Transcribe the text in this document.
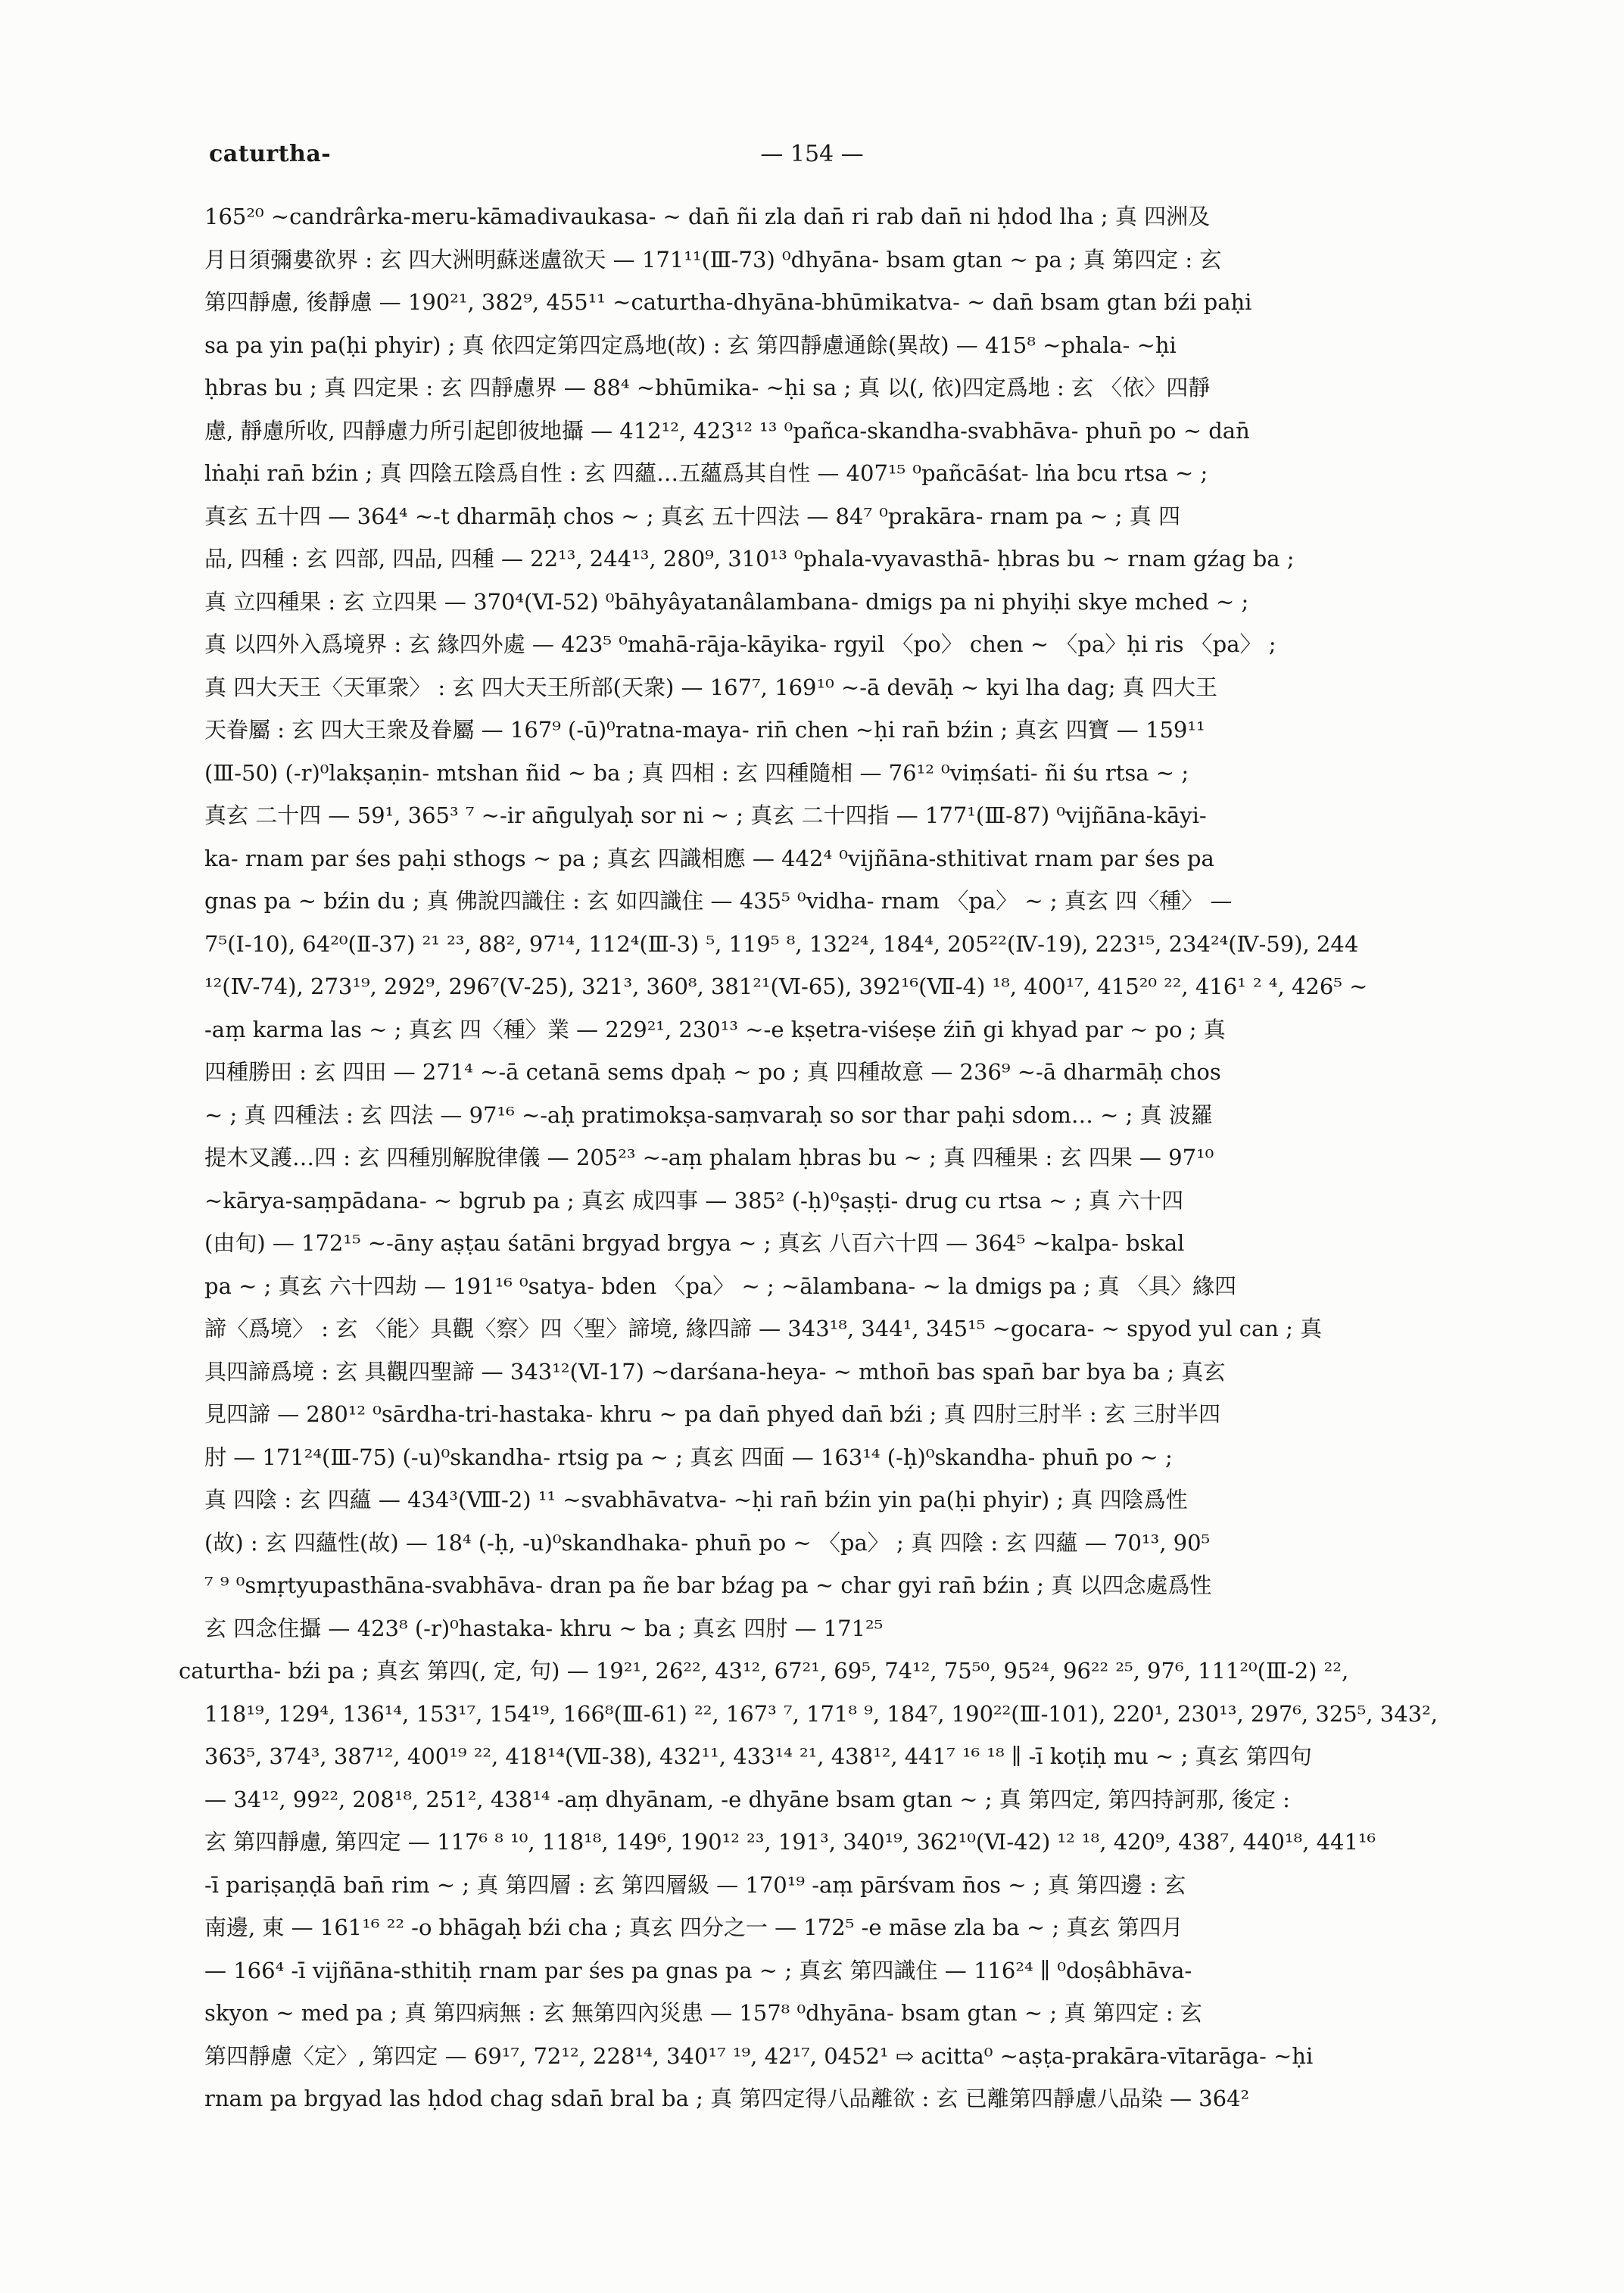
caturtha-	— 154 —
165²⁰ ~candrârka-meru-kāmadivaukasa- ~ dan̄ ñi zla dan̄ ri rab dan̄ ni ḥdod lha ; 真 四洲及
月日須彌婁欲界 : 玄 四大洲明蘇迷盧欲天 — 171¹¹(Ⅲ-73) ⁰dhyāna- bsam gtan ~ pa ; 真 第四定 : 玄
第四靜慮, 後靜慮 — 190²¹, 382⁹, 455¹¹ ~caturtha-dhyāna-bhūmikatva- ~ dan̄ bsam gtan bźi paḥi
sa pa yin pa(ḥi phyir) ; 真 依四定第四定爲地(故) : 玄 第四靜慮通餘(異故) — 415⁸ ~phala- ~ḥi
ḥbras bu ; 真 四定果 : 玄 四靜慮界 — 88⁴ ~bhūmika- ~ḥi sa ; 真 以(, 依)四定爲地 : 玄 〈依〉四靜
慮, 靜慮所收, 四靜慮力所引起卽彼地攝 — 412¹², 423¹² ¹³ ⁰pañca-skandha-svabhāva- phun̄ po ~ dan̄
lṅaḥi ran̄ bźin ; 真 四陰五陰爲自性 : 玄 四蘊…五蘊爲其自性 — 407¹⁵ ⁰pañcāśat- lṅa bcu rtsa ~ ;
真玄 五十四 — 364⁴ ~-t dharmāḥ chos ~ ; 真玄 五十四法 — 84⁷ ⁰prakāra- rnam pa ~ ; 真 四
品, 四種 : 玄 四部, 四品, 四種 — 22¹³, 244¹³, 280⁹, 310¹³ ⁰phala-vyavasthā- ḥbras bu ~ rnam gźag ba ;
真 立四種果 : 玄 立四果 — 370⁴(Ⅵ-52) ⁰bāhyâyatanâlambana- dmigs pa ni phyiḥi skye mched ~ ;
真 以四外入爲境界 : 玄 緣四外處 — 423⁵ ⁰mahā-rāja-kāyika- rgyil 〈po〉 chen ~ 〈pa〉ḥi ris 〈pa〉 ;
真 四大天王〈天軍衆〉 : 玄 四大天王所部(天衆) — 167⁷, 169¹⁰ ~-ā devāḥ ~ kyi lha dag; 真 四大王
天眷屬 : 玄 四大王衆及眷屬 — 167⁹ (-ū)⁰ratna-maya- rin̄ chen ~ḥi ran̄ bźin ; 真玄 四寶 — 159¹¹
(Ⅲ-50) (-r)⁰lakṣaṇin- mtshan ñid ~ ba ; 真 四相 : 玄 四種隨相 — 76¹² ⁰viṃśati- ñi śu rtsa ~ ;
真玄 二十四 — 59¹, 365³ ⁷ ~-ir an̄gulyaḥ sor ni ~ ; 真玄 二十四指 — 177¹(Ⅲ-87) ⁰vijñāna-kāyi-
ka- rnam par śes paḥi sthogs ~ pa ; 真玄 四識相應 — 442⁴ ⁰vijñāna-sthitivat rnam par śes pa
gnas pa ~ bźin du ; 真 佛說四識住 : 玄 如四識住 — 435⁵ ⁰vidha- rnam 〈pa〉 ~ ; 真玄 四〈種〉 —
7⁵(Ⅰ-10), 64²⁰(Ⅱ-37) ²¹ ²³, 88², 97¹⁴, 112⁴(Ⅲ-3) ⁵, 119⁵ ⁸, 132²⁴, 184⁴, 205²²(Ⅳ-19), 223¹⁵, 234²⁴(Ⅳ-59), 244
¹²(Ⅳ-74), 273¹⁹, 292⁹, 296⁷(Ⅴ-25), 321³, 360⁸, 381²¹(Ⅵ-65), 392¹⁶(Ⅶ-4) ¹⁸, 400¹⁷, 415²⁰ ²², 416¹ ² ⁴, 426⁵ ~
-aṃ karma las ~ ; 真玄 四〈種〉業 — 229²¹, 230¹³ ~-e kṣetra-viśeṣe źin̄ gi khyad par ~ po ; 真
四種勝田 : 玄 四田 — 271⁴ ~-ā cetanā sems dpaḥ ~ po ; 真 四種故意 — 236⁹ ~-ā dharmāḥ chos
~ ; 真 四種法 : 玄 四法 — 97¹⁶ ~-aḥ pratimokṣa-saṃvaraḥ so sor thar paḥi sdom… ~ ; 真 波羅
提木叉護…四 : 玄 四種別解脫律儀 — 205²³ ~-aṃ phalam ḥbras bu ~ ; 真 四種果 : 玄 四果 — 97¹⁰
~kārya-saṃpādana- ~ bgrub pa ; 真玄 成四事 — 385² (-ḥ)⁰ṣaṣṭi- drug cu rtsa ~ ; 真 六十四
(由旬) — 172¹⁵ ~-āny aṣṭau śatāni brgyad brgya ~ ; 真玄 八百六十四 — 364⁵ ~kalpa- bskal
pa ~ ; 真玄 六十四劫 — 191¹⁶ ⁰satya- bden 〈pa〉 ~ ; ~ālambana- ~ la dmigs pa ; 真 〈具〉緣四
諦〈爲境〉 : 玄 〈能〉具觀〈察〉四〈聖〉諦境, 緣四諦 — 343¹⁸, 344¹, 345¹⁵ ~gocara- ~ spyod yul can ; 真
具四諦爲境 : 玄 具觀四聖諦 — 343¹²(Ⅵ-17) ~darśana-heya- ~ mthon̄ bas span̄ bar bya ba ; 真玄
見四諦 — 280¹² ⁰sārdha-tri-hastaka- khru ~ pa dan̄ phyed dan̄ bźi ; 真 四肘三肘半 : 玄 三肘半四
肘 — 171²⁴(Ⅲ-75) (-u)⁰skandha- rtsig pa ~ ; 真玄 四面 — 163¹⁴ (-ḥ)⁰skandha- phun̄ po ~ ;
真 四陰 : 玄 四蘊 — 434³(Ⅷ-2) ¹¹ ~svabhāvatva- ~ḥi ran̄ bźin yin pa(ḥi phyir) ; 真 四陰爲性
(故) : 玄 四蘊性(故) — 18⁴ (-ḥ, -u)⁰skandhaka- phun̄ po ~ 〈pa〉 ; 真 四陰 : 玄 四蘊 — 70¹³, 90⁵
⁷ ⁹ ⁰smṛtyupasthāna-svabhāva- dran pa ñe bar bźag pa ~ char gyi ran̄ bźin ; 真 以四念處爲性
玄 四念住攝 — 423⁸ (-r)⁰hastaka- khru ~ ba ; 真玄 四肘 — 171²⁵
caturtha- bźi pa ; 真玄 第四(, 定, 句) — 19²¹, 26²², 43¹², 67²¹, 69⁵, 74¹², 75⁵⁰, 95²⁴, 96²² ²⁵, 97⁶, 111²⁰(Ⅲ-2) ²²,
118¹⁹, 129⁴, 136¹⁴, 153¹⁷, 154¹⁹, 166⁸(Ⅲ-61) ²², 167³ ⁷, 171⁸ ⁹, 184⁷, 190²²(Ⅲ-101), 220¹, 230¹³, 297⁶, 325⁵, 343²,
363⁵, 374³, 387¹², 400¹⁹ ²², 418¹⁴(Ⅶ-38), 432¹¹, 433¹⁴ ²¹, 438¹², 441⁷ ¹⁶ ¹⁸ ∥ -ī koṭiḥ mu ~ ; 真玄 第四句
— 34¹², 99²², 208¹⁸, 251², 438¹⁴ -aṃ dhyānam, -e dhyāne bsam gtan ~ ; 真 第四定, 第四持訶那, 後定 :
玄 第四靜慮, 第四定 — 117⁶ ⁸ ¹⁰, 118¹⁸, 149⁶, 190¹² ²³, 191³, 340¹⁹, 362¹⁰(Ⅵ-42) ¹² ¹⁸, 420⁹, 438⁷, 440¹⁸, 441¹⁶
-ī pariṣaṇḍā ban̄ rim ~ ; 真 第四層 : 玄 第四層級 — 170¹⁹ -aṃ pārśvam n̄os ~ ; 真 第四邊 : 玄
南邊, 東 — 161¹⁶ ²² -o bhāgaḥ bźi cha ; 真玄 四分之一 — 172⁵ -e māse zla ba ~ ; 真玄 第四月
— 166⁴ -ī vijñāna-sthitiḥ rnam par śes pa gnas pa ~ ; 真玄 第四識住 — 116²⁴ ∥ ⁰doṣâbhāva-
skyon ~ med pa ; 真 第四病無 : 玄 無第四內災患 — 157⁸ ⁰dhyāna- bsam gtan ~ ; 真 第四定 : 玄
第四靜慮〈定〉, 第四定 — 69¹⁷, 72¹², 228¹⁴, 340¹⁷ ¹⁹, 42¹⁷, 0452¹ ⇨ acitta⁰ ~aṣṭa-prakāra-vītarāga- ~ḥi
rnam pa brgyad las ḥdod chag sdan̄ bral ba ; 真 第四定得八品離欲 : 玄 已離第四靜慮八品染 — 364²
